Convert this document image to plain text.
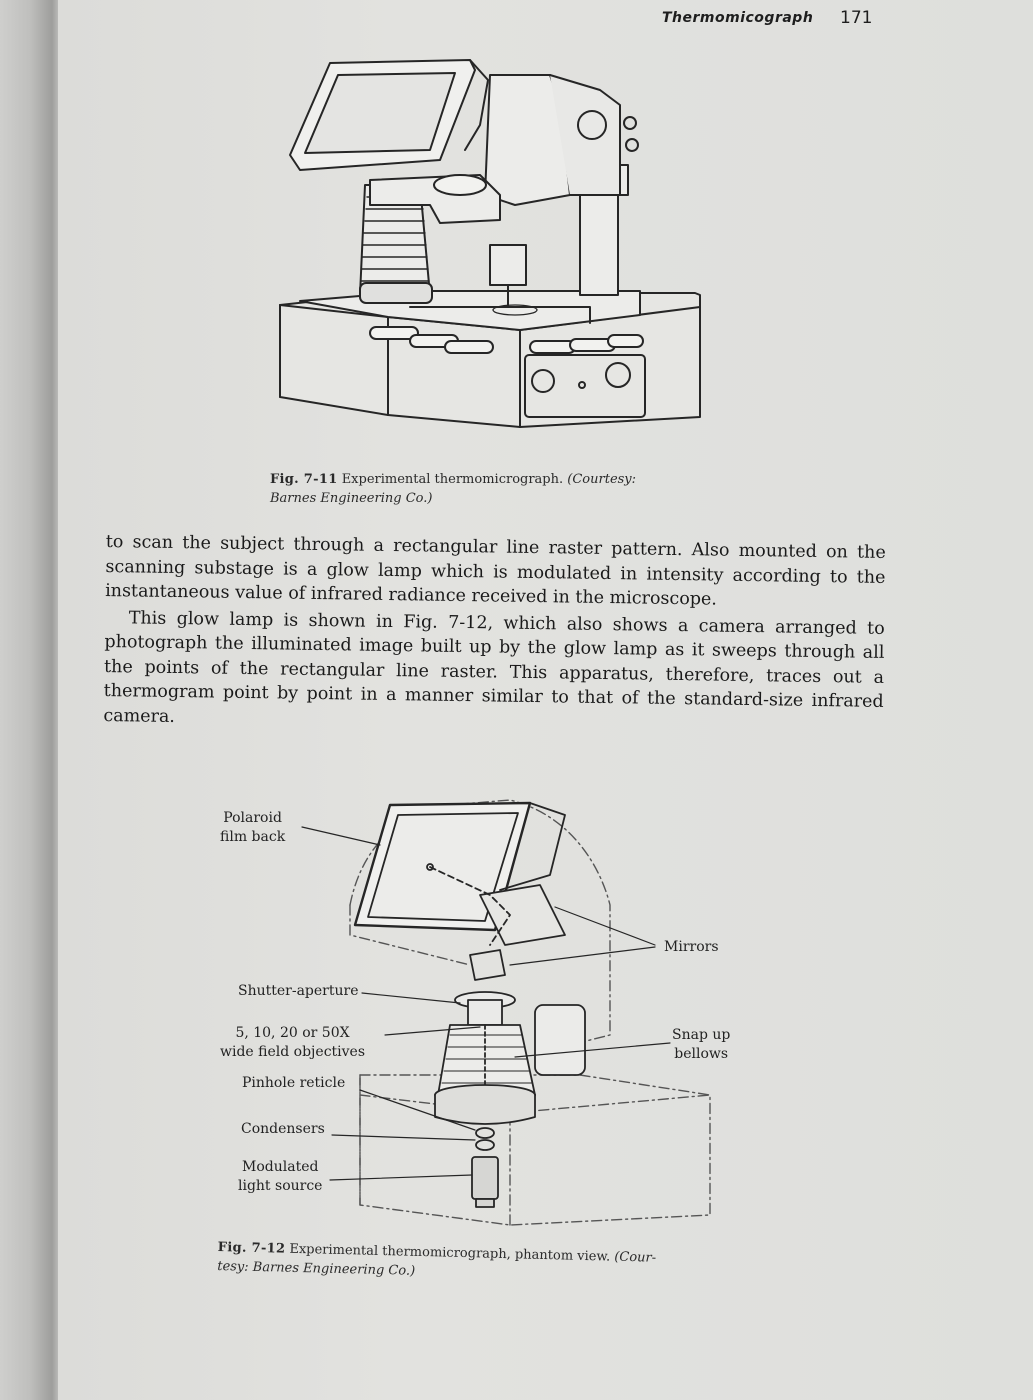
Thermomicograph 171
Fig. 7-11 Experimental thermomicrograph. (Courtesy:
Barnes Engineering Co.)

to scan the subject through a rectangular line raster pattern. Also mounted on the scanning substage is a glow lamp which is modulated in intensity according to the instantaneous value of infrared radiance received in the microscope.

This glow lamp is shown in Fig. 7-12, which also shows a camera arranged to photograph the illuminated image built up by the glow lamp as it sweeps through all the points of the rectangular line raster. This apparatus, therefore, traces out a thermogram point by point in a manner similar to that of the standard-size infrared camera.

Polaroid
film back
Mirrors
Shutter-aperture
5, 10, 20 or 50X
wide field objectives
Snap up
bellows
Pinhole reticle
Condensers
Modulated
light source
Fig. 7-12 Experimental thermomicrograph, phantom view. (Cour-
tesy: Barnes Engineering Co.)
